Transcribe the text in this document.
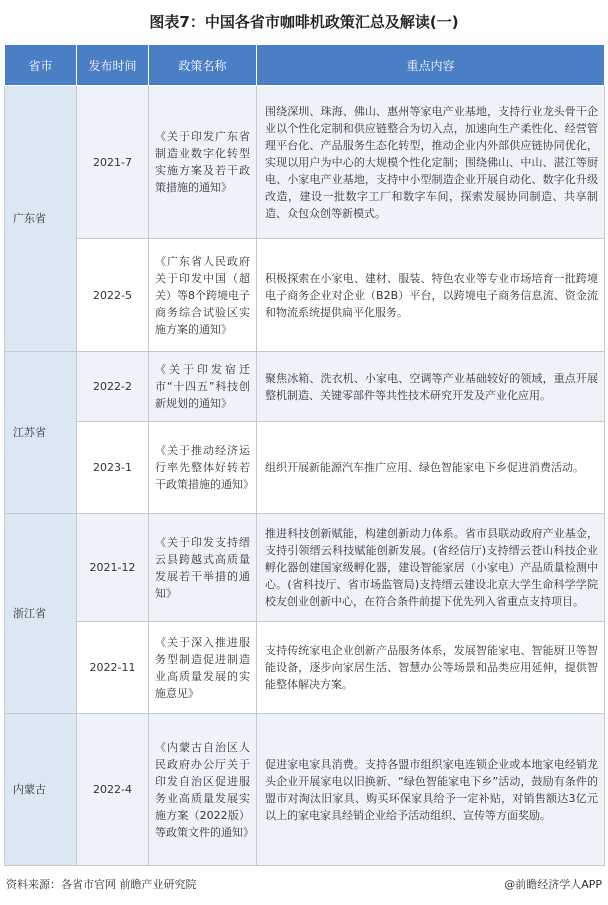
图表7：中国各省市咖啡机政策汇总及解读(一)
省市	发布时间	政策名称	重点内容
广东省	2021-7	《关于印发广东省制造业数字化转型实施方案及若干政策措施的通知》	围绕深圳、珠海、佛山、惠州等家电产业基地，支持行业龙头骨干企业以个性化定制和供应链整合为切入点，加速向生产柔性化、经营管理平台化、产品服务生态化转型，推动企业内外部供应链协同优化，实现以用户为中心的大规模个性化定制；围绕佛山、中山、湛江等厨电、小家电产业基地，支持中小型制造企业开展自动化、数字化升级改造，建设一批数字工厂和数字车间，探索发展协同制造、共享制造、众包众创等新模式。
	2022-5	《广东省人民政府关于印发中国（超关）等8个跨境电子商务综合试验区实施方案的通知》	积极探索在小家电、建材、服装、特色农业等专业市场培育一批跨境电子商务企业对企业（B2B）平台，以跨境电子商务信息流、资金流和物流系统提供扁平化服务。
江苏省	2022-2	《关于印发宿迁市“十四五”科技创新规划的通知》	聚焦冰箱、洗衣机、小家电、空调等产业基础较好的领域，重点开展整机制造、关键零部件等共性技术研究开发及产业化应用。
	2023-1	《关于推动经济运行率先整体好转若干政策措施的通知》	组织开展新能源汽车推广应用、绿色智能家电下乡促进消费活动。
浙江省	2021-12	《关于印发支持缙云县跨越式高质量发展若干举措的通知》	推进科技创新赋能，构建创新动力体系。省市县联动政府产业基金，支持引领缙云科技赋能创新发展。(省经信厅)支持缙云苍山科技企业孵化器创建国家级孵化器，建设智能家居（小家电）产品质量检测中心。(省科技厅、省市场监管局)支持缙云建设北京大学生命科学学院校友创业创新中心，在符合条件前提下优先列入省重点支持项目。
	2022-11	《关于深入推进服务型制造促进制造业高质量发展的实施意见》	支持传统家电企业创新产品服务体系，发展智能家电、智能厨卫等智能设备，逐步向家居生活、智慧办公等场景和品类应用延伸，提供智能整体解决方案。
内蒙古	2022-4	《内蒙古自治区人民政府办公厅关于印发自治区促进服务业高质量发展实施方案（2022版）等政策文件的通知》	促进家电家具消费。支持各盟市组织家电连锁企业或本地家电经销龙头企业开展家电以旧换新、“绿色智能家电下乡”活动，鼓励有条件的盟市对淘汰旧家具、购买环保家具给予一定补贴，对销售额达3亿元以上的家电家具经销企业给予活动组织、宣传等方面奖励。
资料来源：各省市官网 前瞻产业研究院	@前瞻经济学人APP
